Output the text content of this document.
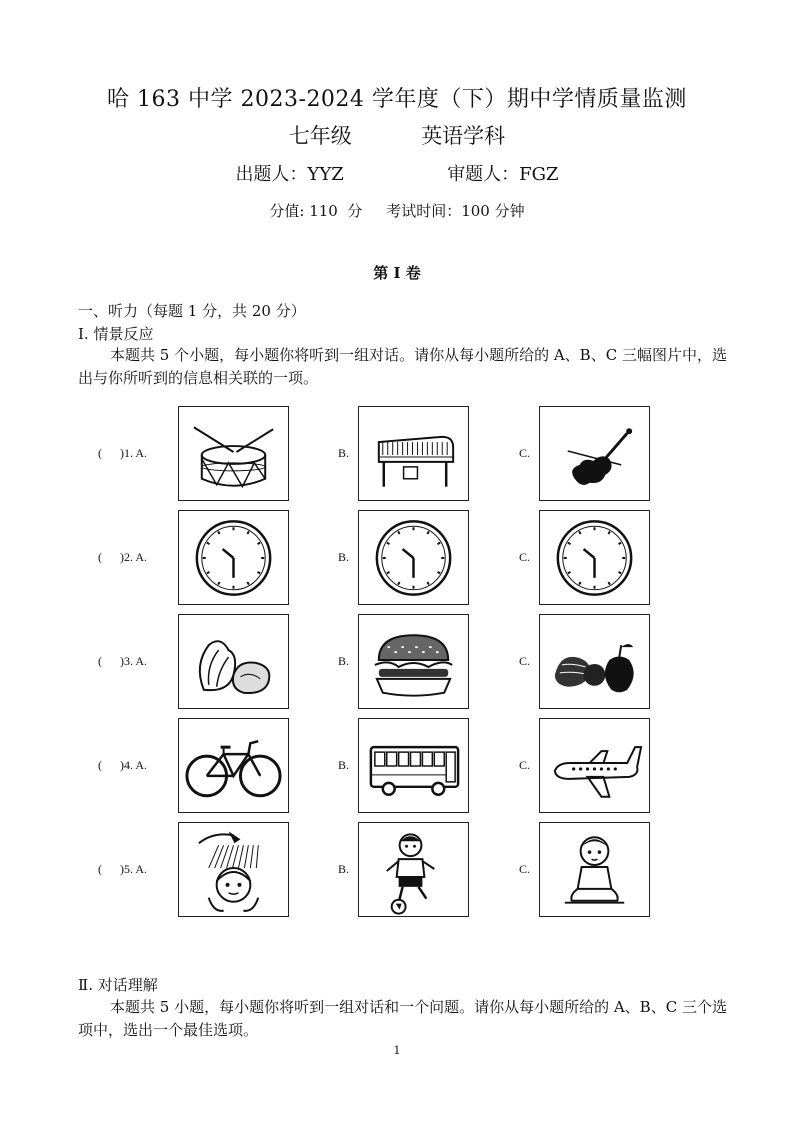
哈 163 中学 2023-2024 学年度（下）期中学情质量监测
七年级	英语学科
出题人：YYZ	审题人：FGZ
分值: 110  分     考试时间：100 分钟
第 I 卷
一、听力（每题 1 分，共 20 分）
Ⅰ. 情景反应
本题共 5 个小题，每小题你将听到一组对话。请你从每小题所给的 A、B、C 三幅图片中，选出与你所听到的信息相关联的一项。
(      )1. A.	B.	C.
(      )2. A.	B.	C.
(      )3. A.	B.	C.
(      )4. A.	B.	C.
(      )5. A.	B.	C.
Ⅱ. 对话理解
本题共 5 小题，每小题你将听到一组对话和一个问题。请你从每小题所给的 A、B、C 三个选项中，选出一个最佳选项。
1
